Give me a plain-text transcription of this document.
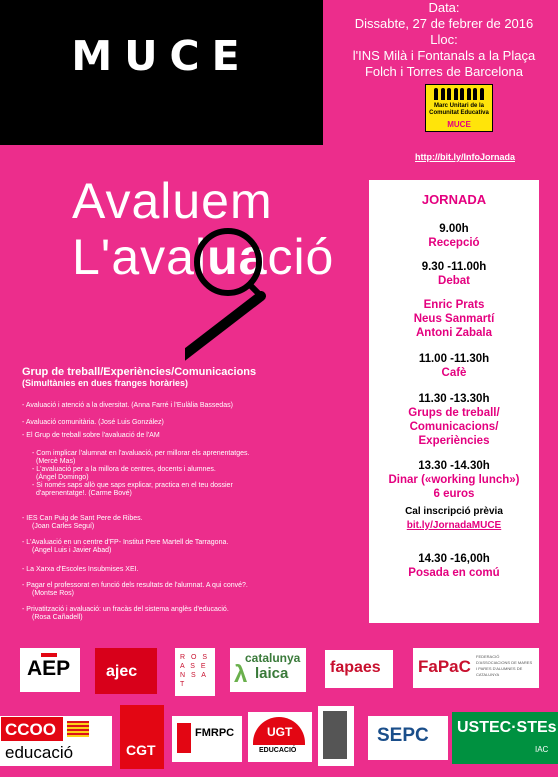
MUCE
Data:
Dissabte, 27 de febrer de 2016
Lloc:
l'INS Milà i Fontanals a la Plaça
Folch i Torres de Barcelona
Marc Unitari de la
Comunitat Educativa
MUCE
http://bit.ly/InfoJornada
Avaluem
L'avaluació
JORNADA
9.00h
Recepció
9.30 -11.00h
Debat
Enric Prats
Neus Sanmartí
Antoni Zabala
11.00 -11.30h
Cafè
11.30 -13.30h
Grups de treball/
Comunicacions/
Experiències
13.30 -14.30h
Dinar («working lunch»)
6 euros
Cal inscripció prèvia
bit.ly/JornadaMUCE
14.30 -16,00h
Posada en comú
Grup de treball/Experiències/Comunicacions
(Simultànies en dues franges horàries)
- Avaluació i atenció a la diversitat. (Anna Farré i l'Eulàlia Bassedas)
- Avaluació comunitària. (José Luis González)
- El Grup de treball sobre l'avaluació de l'AM
- Com implicar l'alumnat en l'avaluació, per millorar els aprenentatges.
(Mercè Mas)
- L'avaluació per a la millora de centres, docents i alumnes.
(Àngel Domingo)
- Si només saps allò que saps explicar, practica en el teu dossier
d'aprenentatge!. (Carme Bové)
- IES Can Puig de Sant Pere de Ribes.
(Joan Carles Seguí)
- L'Avaluació en un centre d'FP- Institut Pere Martell de Tarragona.
(Angel Luis i Javier Abad)
- La Xarxa d'Escoles Insubmises XEI.
- Pagar el professorat en funció dels resultats de l'alumnat. A qui convé?.
(Montse Ros)
- Privatització i avaluació: un fracàs del sistema anglès d'educació.
(Rosa Cañadell)
AEP ajec
R O S A S E N S A T
catalunya
λ laica	fapaes FaPaC
FEDERACIÓ D'ASSOCIACIONS DE MARES I PARES D'ALUMNES DE CATALUNYA
CCOO
educació	CGT
FMRPC	UGT
EDUCACIÓ
SEPC USTEC·STEs
IAC
